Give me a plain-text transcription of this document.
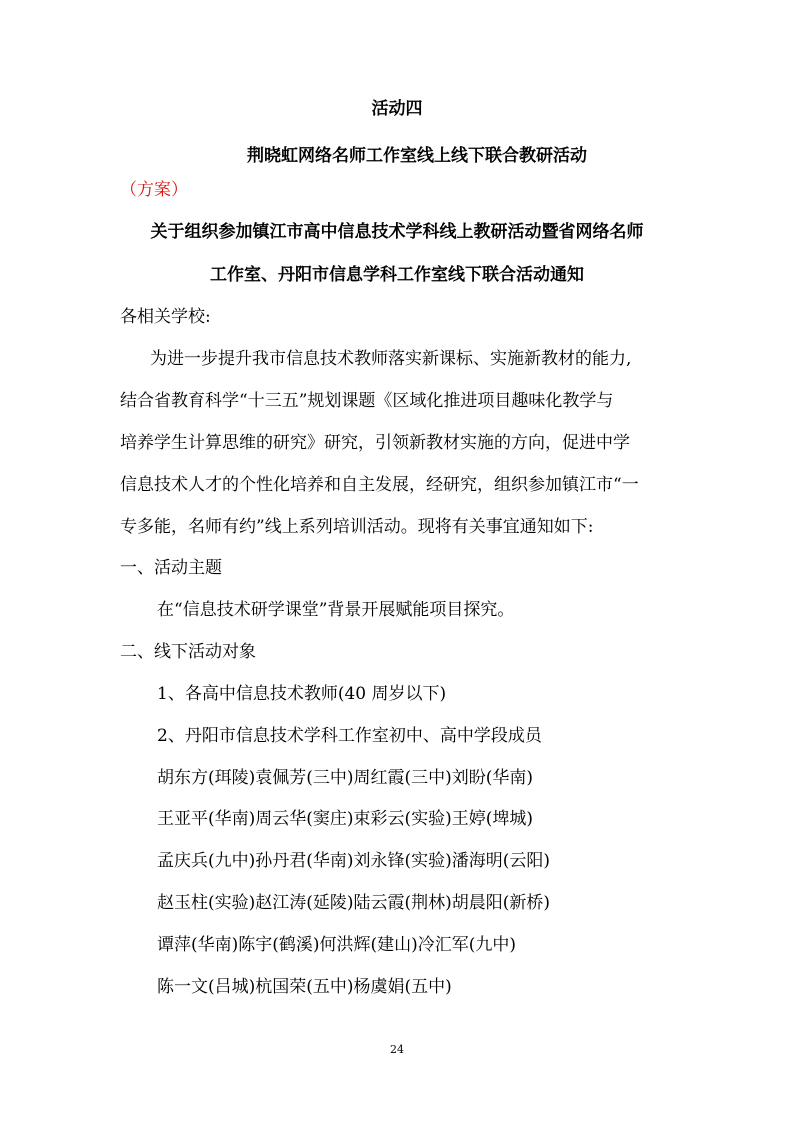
活动四
荆晓虹网络名师工作室线上线下联合教研活动
（方案）
关于组织参加镇江市高中信息技术学科线上教研活动暨省网络名师
工作室、丹阳市信息学科工作室线下联合活动通知
各相关学校:
为进一步提升我市信息技术教师落实新课标、实施新教材的能力,
结合省教育科学“十三五”规划课题《区域化推进项目趣味化教学与
培养学生计算思维的研究》研究，引领新教材实施的方向，促进中学
信息技术人才的个性化培养和自主发展，经研究，组织参加镇江市“一
专多能，名师有约”线上系列培训活动。现将有关事宜通知如下:
一、活动主题
在“信息技术研学课堂”背景开展赋能项目探究。
二、线下活动对象
1、各高中信息技术教师(40 周岁以下)
2、丹阳市信息技术学科工作室初中、高中学段成员
胡东方(珥陵)袁佩芳(三中)周红霞(三中)刘盼(华南)
王亚平(华南)周云华(窦庄)束彩云(实验)王婷(埤城)
孟庆兵(九中)孙丹君(华南)刘永锋(实验)潘海明(云阳)
赵玉柱(实验)赵江涛(延陵)陆云霞(荆林)胡晨阳(新桥)
谭萍(华南)陈宇(鹤溪)何洪辉(建山)冷汇军(九中)
陈一文(吕城)杭国荣(五中)杨虞娟(五中)
24
